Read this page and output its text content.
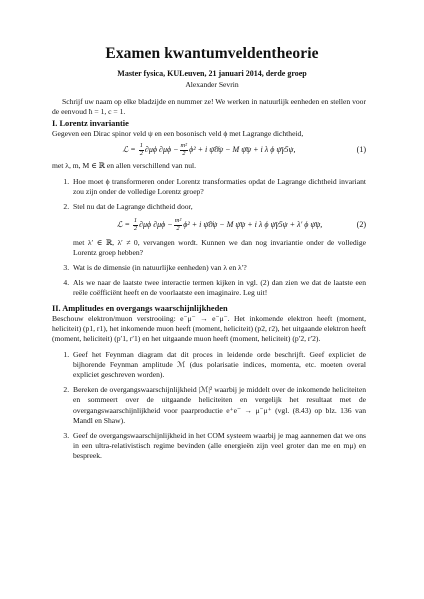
Examen kwantumveldentheorie
Master fysica, KULeuven, 21 januari 2014, derde groep
Alexander Sevrin

Schrijf uw naam op elke bladzijde en nummer ze! We werken in natuurlijk eenheden en stellen voor de eenvoud ħ = 1, c = 1.

I. Lorentz invariantie

Gegeven een Dirac spinor veld ψ en een bosonisch veld ϕ met Lagrange dichtheid,

ℒ =
$\frac{1}{2} \partial\mu\phi$ $\partial\mu\phi - \frac{\text{m²}}{2} \phi^2 + i$ ψ̄∂̸ψ − M ψ̄ψ + i λ ϕ ψ̄γ5ψ,	(1)

met λ, m, M ∈ ℝ en allen verschillend van nul.

1. Hoe moet ϕ transformeren onder Lorentz transformaties opdat de Lagrange dichtheid invariant zou zijn onder de volledige Lorentz groep?
2. Stel nu dat de Lagrange dichtheid door,
ℒ =
$\frac{1}{2} \partial\mu\phi$ $\partial\mu\phi - \frac{\text{m²}}{2} \phi^2 + i$ ψ̄∂̸ψ − M ψ̄ψ + i λ ϕ ψ̄γ5ψ + λ′ ϕ ψ̄ψ,	(2)
met λ′ ∈ ℝ, λ′ ≠ 0, vervangen wordt. Kunnen we dan nog invariantie onder de volledige Lorentz groep hebben?
3. Wat is de dimensie (in natuurlijke eenheden) van λ en λ′?
4. Als we naar de laatste twee interactie termen kijken in vgl. (2) dan zien we dat de laatste een reële coëfficiënt heeft en de voorlaatste een imaginaire. Leg uit!
II. Amplitudes en overgangs waarschijnlijkheden

Beschouw elektron/muon verstrooiing: e⁻μ⁻ → e⁻μ⁻. Het inkomende elektron heeft (moment, heliciteit) (p1, r1), het inkomende muon heeft (moment, heliciteit) (p2, r2), het uitgaande elektron heeft (moment, heliciteit) (p′1, r′1) en het uitgaande muon heeft (moment, heliciteit) (p′2, r′2).

1. Geef het Feynman diagram dat dit proces in leidende orde beschrijft. Geef expliciet de bijhorende Feynman amplitude ℳ (dus polarisatie indices, momenta, etc. moeten overal expliciet geschreven worden).
2. Bereken de overgangswaarschijnlijkheid |ℳ|² waarbij je middelt over de inkomende heliciteiten en sommeert over de uitgaande heliciteiten en vergelijk het resultaat met de overgangswaarschijnlijkheid voor paarproductie e⁺e⁻ → μ⁻μ⁺ (vgl. (8.43) op blz. 136 van Mandl en Shaw).
3. Geef de overgangswaarschijnlijkheid in het COM systeem waarbij je mag aannemen dat we ons in een ultra-relativistisch regime bevinden (alle energieën zijn veel groter dan me en mμ) en bespreek.
